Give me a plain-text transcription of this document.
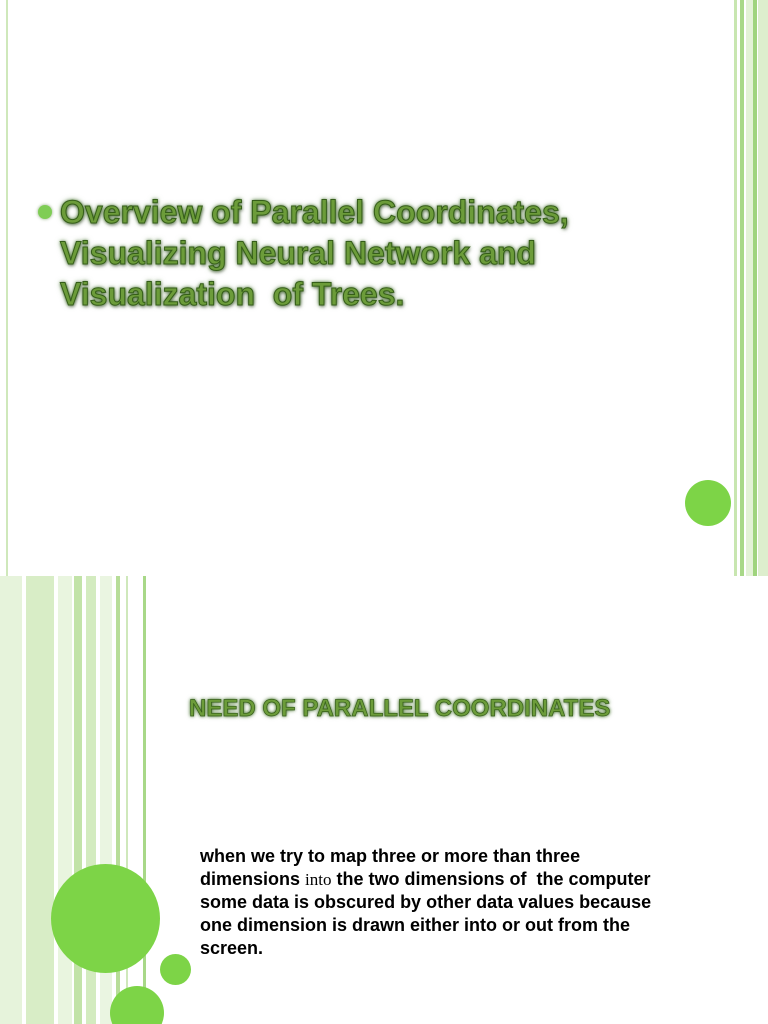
Overview of Parallel Coordinates,
Visualizing Neural Network and
Visualization  of Trees.
NEED OF PARALLEL COORDINATES

when we try to map three or more than three
dimensions into the two dimensions of  the computer
some data is obscured by other data values because
one dimension is drawn either into or out from the
screen.
